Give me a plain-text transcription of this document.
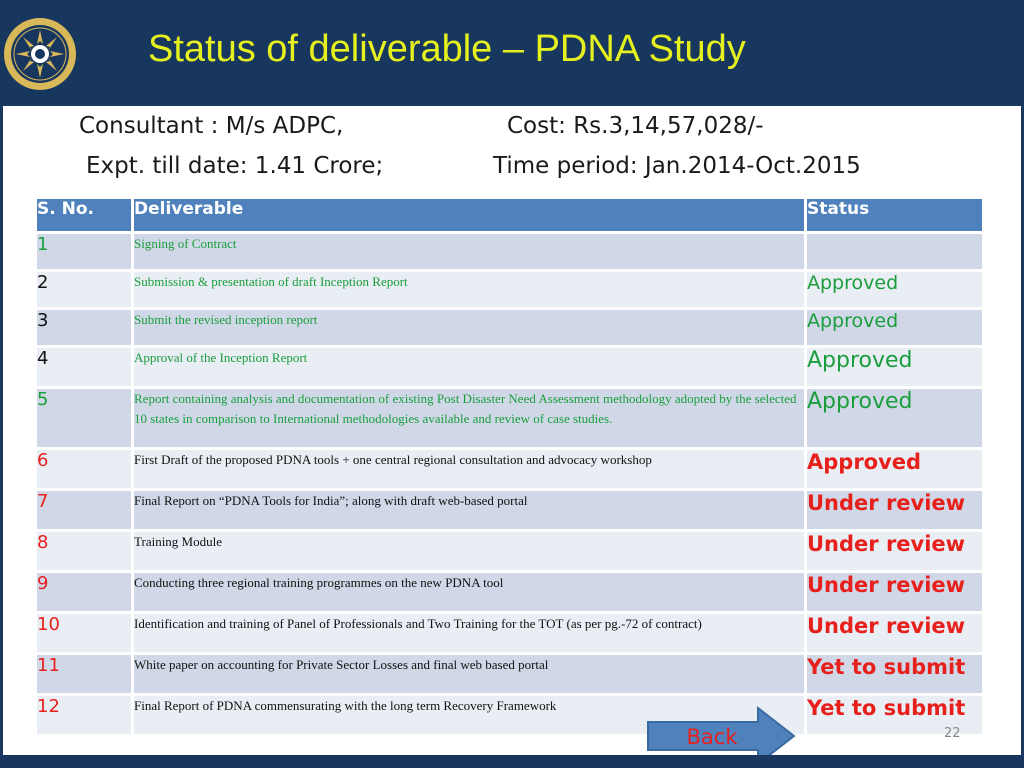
Status of deliverable – PDNA Study
Consultant : M/s ADPC,	Cost: Rs.3,14,57,028/-
Expt. till date: 1.41 Crore;	Time period: Jan.2014-Oct.2015
S. No.	Deliverable	Status
1	Signing of Contract	
2	Submission & presentation of draft Inception Report	Approved
3	Submit the revised inception report	Approved
4	Approval of the Inception Report	Approved
5	Report containing analysis and documentation of existing Post Disaster Need Assessment methodology adopted by the selected 10 states in comparison to International methodologies available and review of case studies.	Approved
6	First Draft of the proposed PDNA tools + one central regional consultation and advocacy workshop	Approved
7	Final Report on “PDNA Tools for India”; along with draft web-based portal	Under review
8	Training Module	Under review
9	Conducting three regional training programmes on the new PDNA tool	Under review
10	Identification and training of Panel of Professionals and Two Training for the TOT (as per pg.-72 of contract)	Under review
11	White paper on accounting for Private Sector Losses and final web based portal	Yet to submit
12	Final Report of PDNA commensurating with the long term Recovery Framework	Yet to submit
Back	22
